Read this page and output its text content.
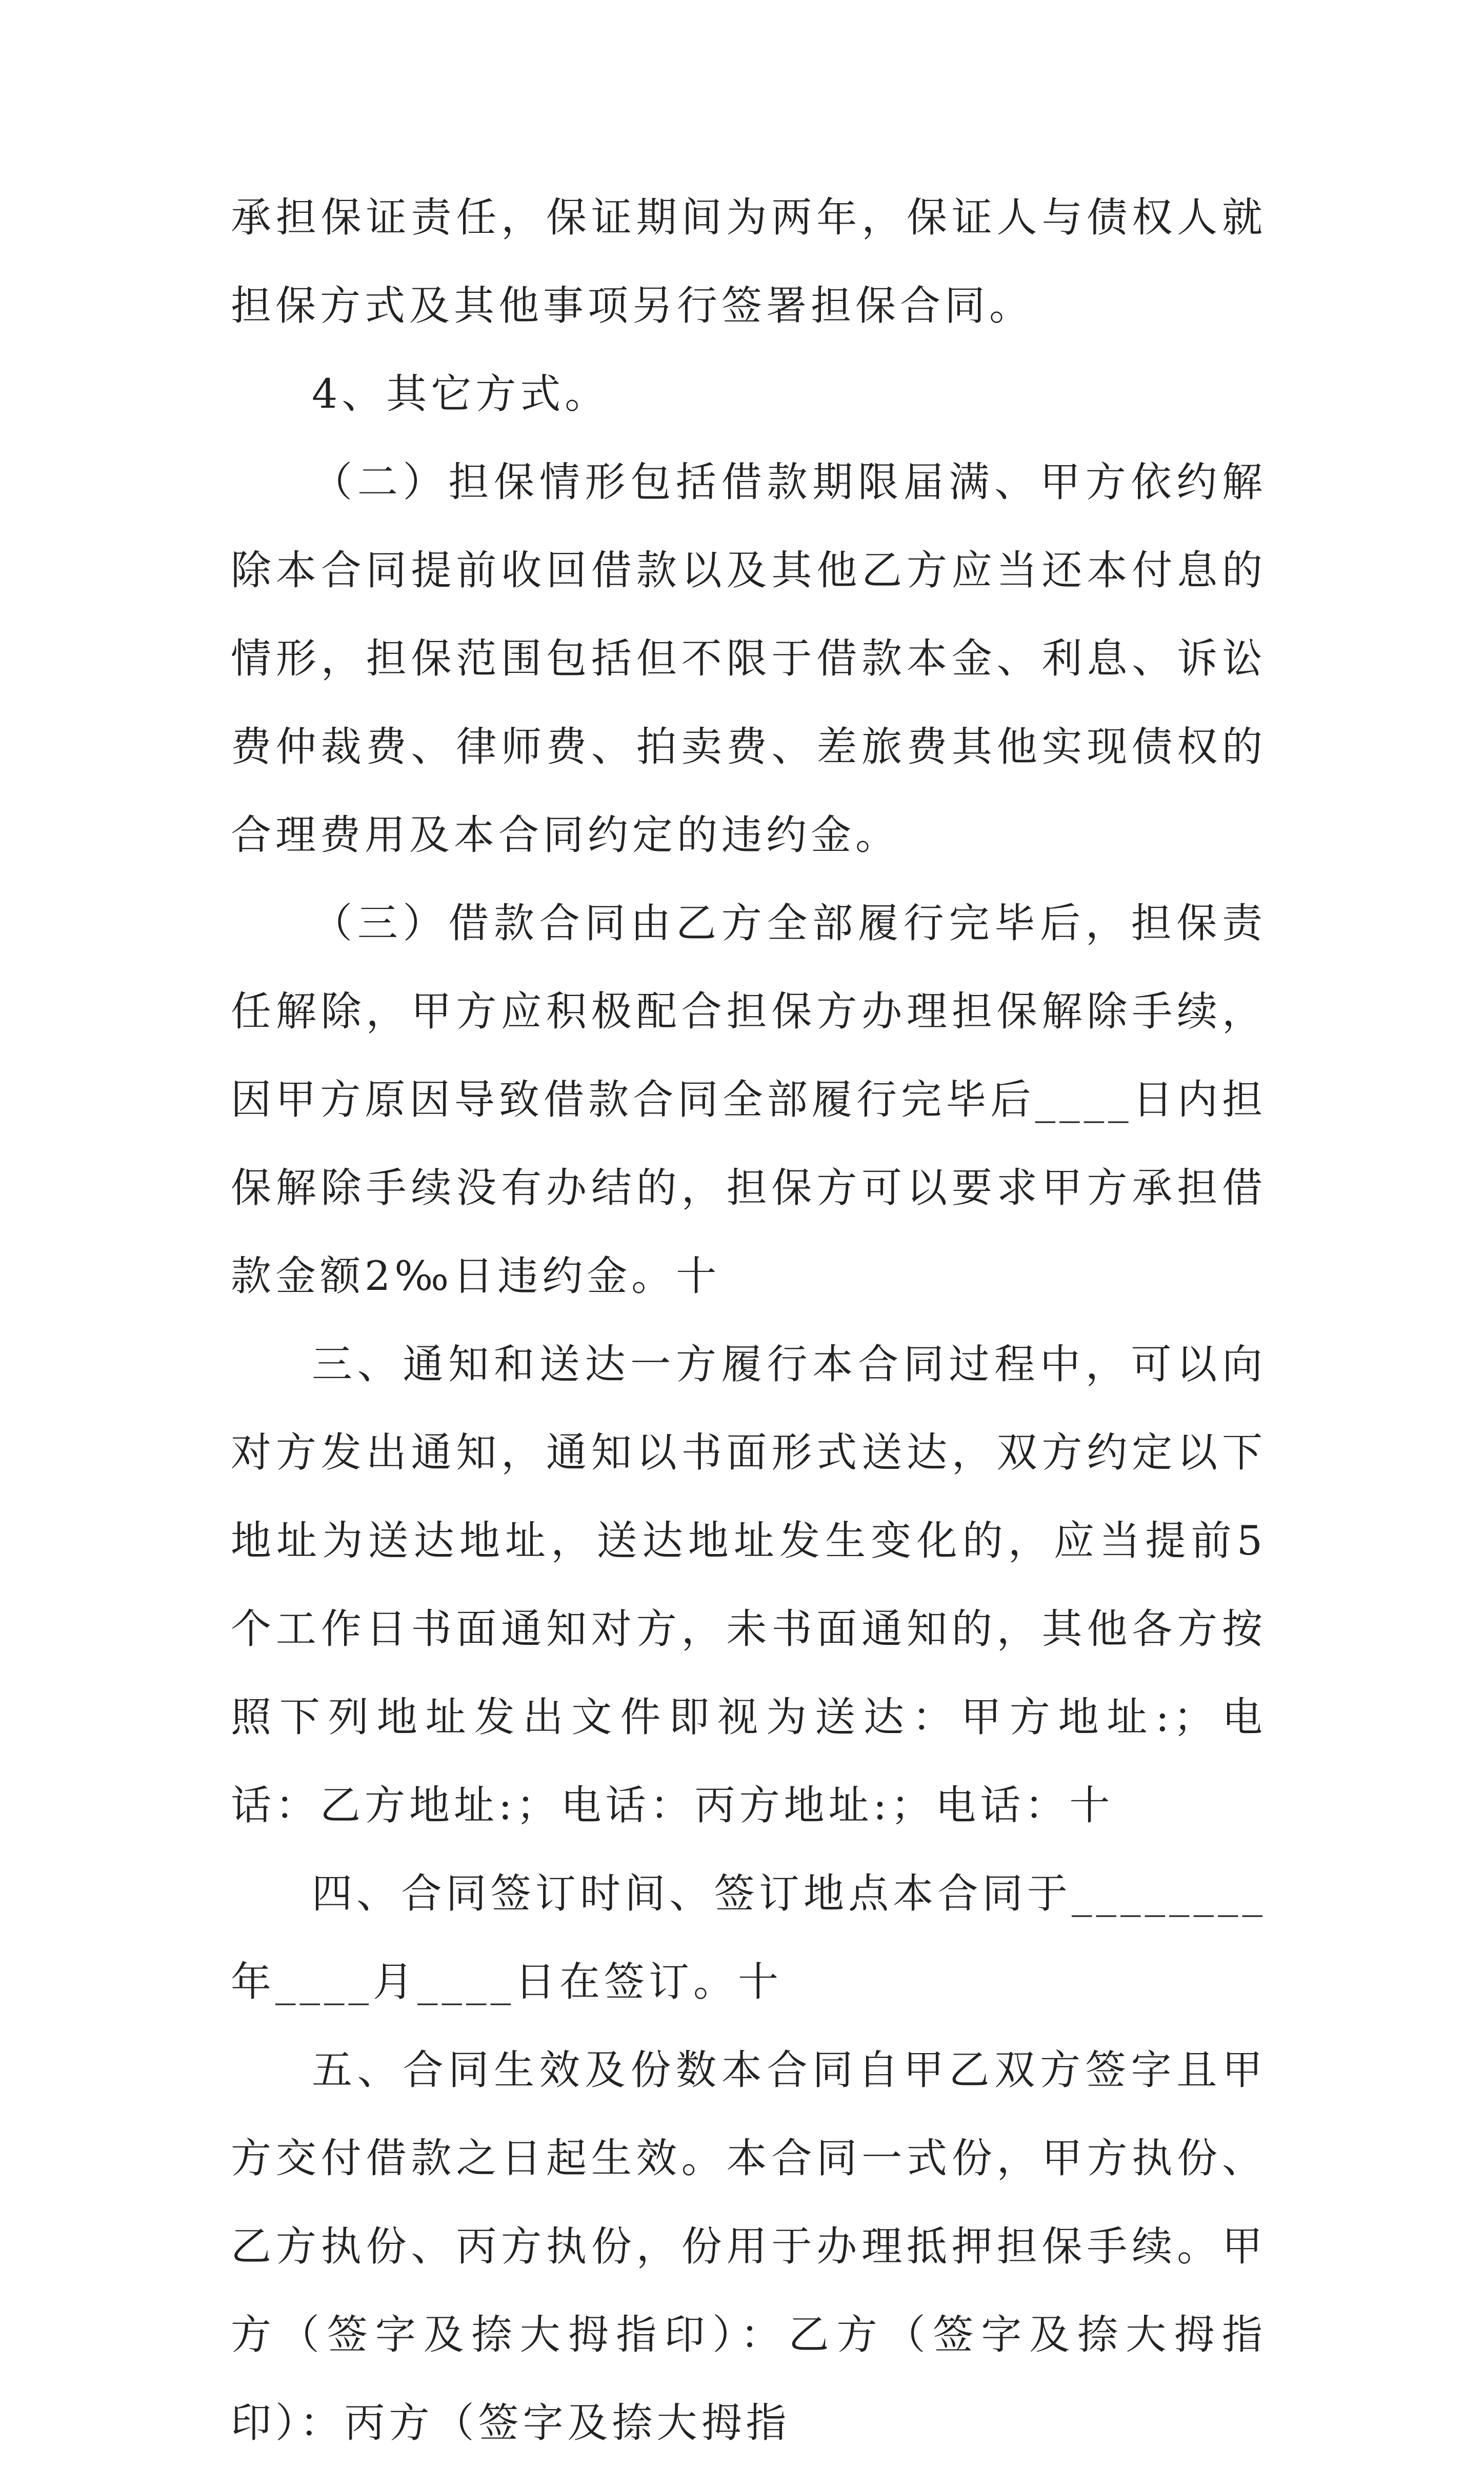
承担保证责任，保证期间为两年，保证人与债权人就担保方式及其他事项另行签署担保合同。

4、其它方式。

（二）担保情形包括借款期限届满、甲方依约解除本合同提前收回借款以及其他乙方应当还本付息的情形，担保范围包括但不限于借款本金、利息、诉讼费仲裁费、律师费、拍卖费、差旅费其他实现债权的合理费用及本合同约定的违约金。

（三）借款合同由乙方全部履行完毕后，担保责任解除，甲方应积极配合担保方办理担保解除手续，因甲方原因导致借款合同全部履行完毕后____日内担保解除手续没有办结的，担保方可以要求甲方承担借款金额2‰日违约金。十

三、通知和送达一方履行本合同过程中，可以向对方发出通知，通知以书面形式送达，双方约定以下地址为送达地址，送达地址发生变化的，应当提前5个工作日书面通知对方，未书面通知的，其他各方按照下列地址发出文件即视为送达：甲方地址:；电话：乙方地址:；电话：丙方地址:；电话：十

四、合同签订时间、签订地点本合同于________年____月____日在签订。十

五、合同生效及份数本合同自甲乙双方签字且甲方交付借款之日起生效。本合同一式份，甲方执份、乙方执份、丙方执份，份用于办理抵押担保手续。甲方（签字及捺大拇指印）：乙方（签字及捺大拇指印）：丙方（签字及捺大拇指
